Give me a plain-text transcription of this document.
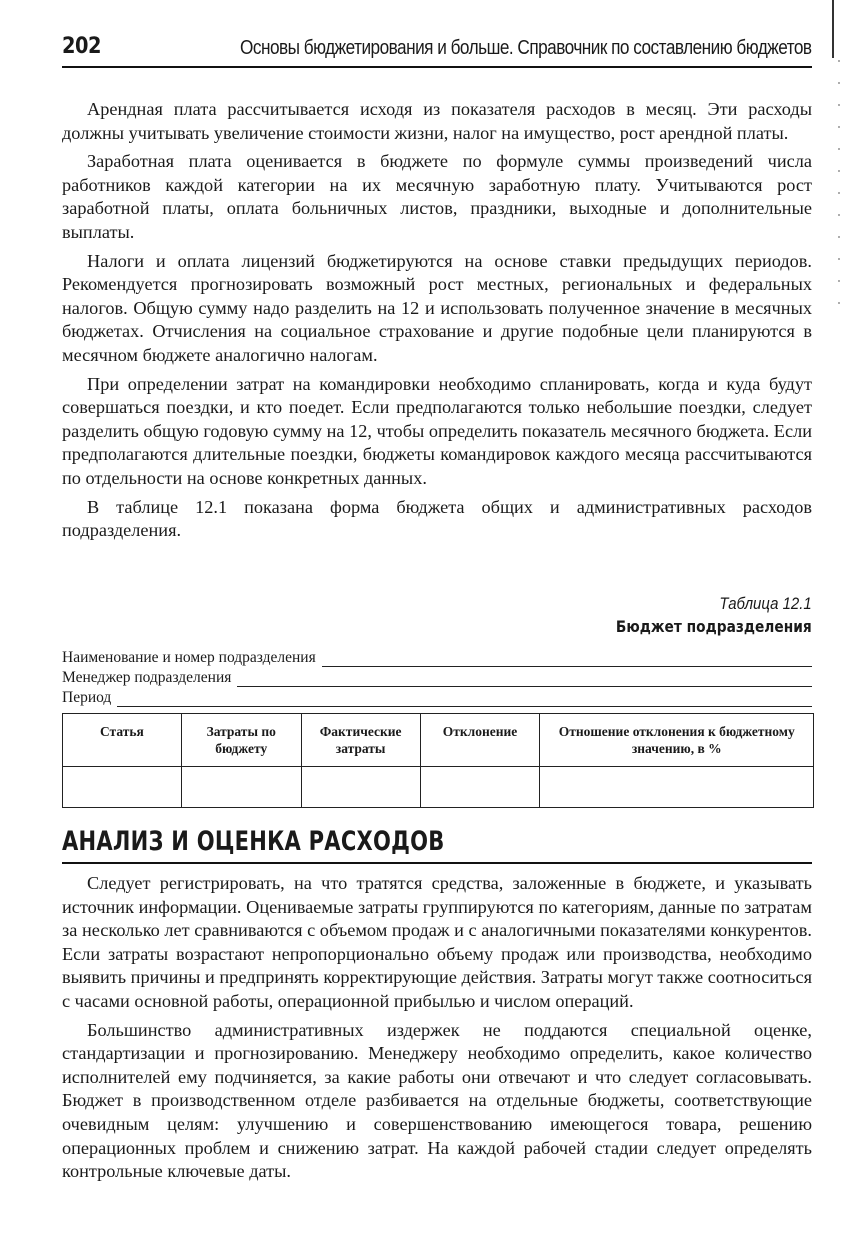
202	Основы бюджетирования и больше. Справочник по составлению бюджетов

Арендная плата рассчитывается исходя из показателя расходов в месяц. Эти расходы должны учитывать увеличение стоимости жизни, налог на имущество, рост арендной платы.

Заработная плата оценивается в бюджете по формуле суммы произведений числа работников каждой категории на их месячную заработную плату. Учитываются рост заработной платы, оплата больничных листов, праздники, выходные и дополнительные выплаты.

Налоги и оплата лицензий бюджетируются на основе ставки предыдущих периодов. Рекомендуется прогнозировать возможный рост местных, региональных и федеральных налогов. Общую сумму надо разделить на 12 и использовать полученное значение в месячных бюджетах. Отчисления на социальное страхование и другие подобные цели планируются в месячном бюджете аналогично налогам.

При определении затрат на командировки необходимо спланировать, когда и куда будут совершаться поездки, и кто поедет. Если предполагаются только небольшие поездки, следует разделить общую годовую сумму на 12, чтобы определить показатель месячного бюджета. Если предполагаются длительные поездки, бюджеты командировок каждого месяца рассчитываются по отдельности на основе конкретных данных.

В таблице 12.1 показана форма бюджета общих и административных расходов подразделения.

Таблица 12.1
Бюджет подразделения
Наименование и номер подразделения
Менеджер подразделения
Период
Статья	Затраты по бюджету	Фактические затраты	Отклонение	Отношение отклонения к бюджетному значению, в %

АНАЛИЗ И ОЦЕНКА РАСХОДОВ

Следует регистрировать, на что тратятся средства, заложенные в бюджете, и указывать источник информации. Оцениваемые затраты группируются по категориям, данные по затратам за несколько лет сравниваются с объемом продаж и с аналогичными показателями конкурентов. Если затраты возрастают непропорционально объему продаж или производства, необходимо выявить причины и предпринять корректирующие действия. Затраты могут также соотноситься с часами основной работы, операционной прибылью и числом операций.

Большинство административных издержек не поддаются специальной оценке, стандартизации и прогнозированию. Менеджеру необходимо определить, какое количество исполнителей ему подчиняется, за какие работы они отвечают и что следует согласовывать. Бюджет в производственном отделе разбивается на отдельные бюджеты, соответствующие очевидным целям: улучшению и совершенствованию имеющегося товара, решению операционных проблем и снижению затрат. На каждой рабочей стадии следует определять контрольные ключевые даты.
